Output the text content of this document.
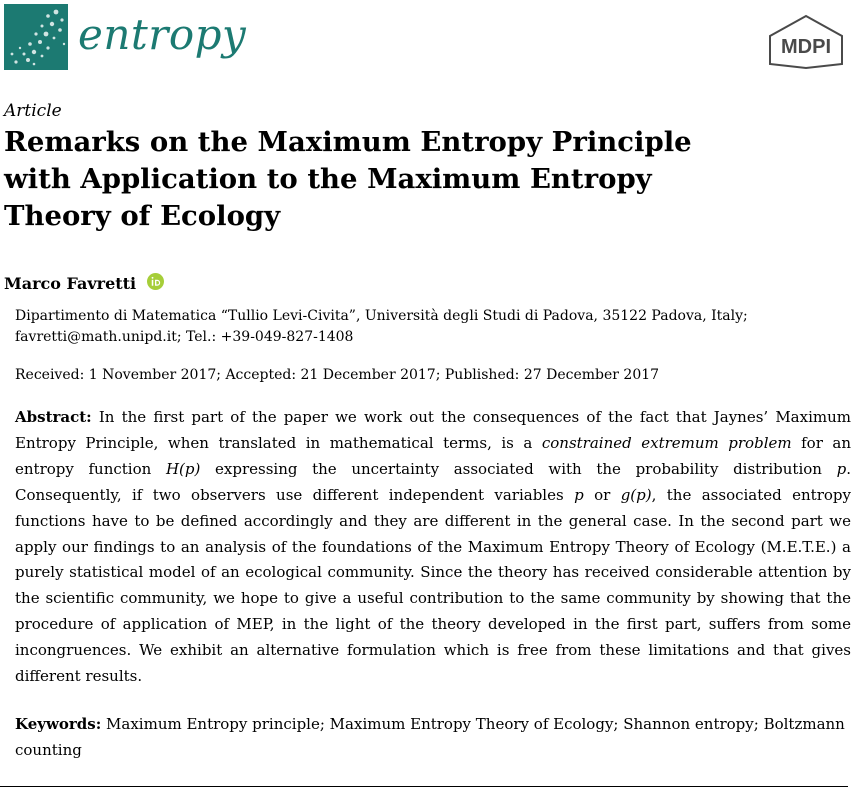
entropy	MDPI
Article
Remarks on the Maximum Entropy Principle
with Application to the Maximum Entropy
Theory of Ecology
Marco Favretti
Dipartimento di Matematica “Tullio Levi-Civita”, Università degli Studi di Padova, 35122 Padova, Italy;
favretti@math.unipd.it; Tel.: +39-049-827-1408
Received: 1 November 2017; Accepted: 21 December 2017; Published: 27 December 2017

Abstract: In the first part of the paper we work out the consequences of the fact that Jaynes’ Maximum Entropy Principle, when translated in mathematical terms, is a constrained extremum problem for an entropy function H(p) expressing the uncertainty associated with the probability distribution p. Consequently, if two observers use different independent variables p or g(p), the associated entropy functions have to be defined accordingly and they are different in the general case. In the second part we apply our findings to an analysis of the foundations of the Maximum Entropy Theory of Ecology (M.E.T.E.) a purely statistical model of an ecological community. Since the theory has received considerable attention by the scientific community, we hope to give a useful contribution to the same community by showing that the procedure of application of MEP, in the light of the theory developed in the first part, suffers from some incongruences. We exhibit an alternative formulation which is free from these limitations and that gives different results.

Keywords: Maximum Entropy principle; Maximum Entropy Theory of Ecology; Shannon entropy; Boltzmann counting
